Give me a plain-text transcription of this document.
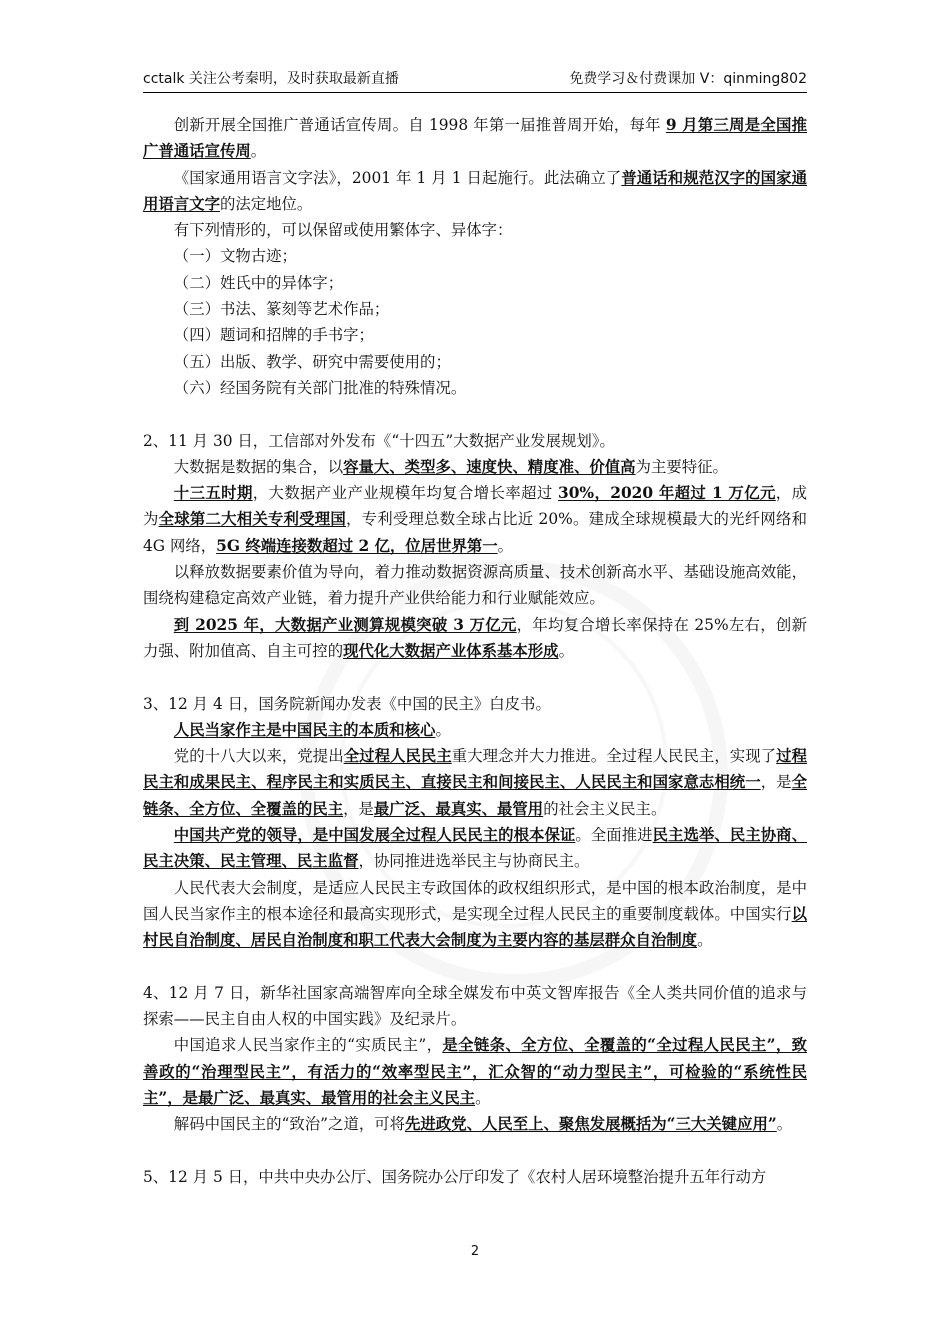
cctalk 关注公考秦明，及时获取最新直播	免费学习＆付费课加 V：qinming802

创新开展全国推广普通话宣传周。自 1998 年第一届推普周开始，每年 9 月第三周是全国推广普通话宣传周。

《国家通用语言文字法》，2001 年 1 月 1 日起施行。此法确立了普通话和规范汉字的国家通用语言文字的法定地位。

有下列情形的，可以保留或使用繁体字、异体字：

（一）文物古迹；

（二）姓氏中的异体字；

（三）书法、篆刻等艺术作品；

（四）题词和招牌的手书字；

（五）出版、教学、研究中需要使用的；

（六）经国务院有关部门批准的特殊情况。

2、11 月 30 日，工信部对外发布《“十四五”大数据产业发展规划》。

大数据是数据的集合，以容量大、类型多、速度快、精度准、价值高为主要特征。

十三五时期，大数据产业产业规模年均复合增长率超过 30%，2020 年超过 1 万亿元，成为全球第二大相关专利受理国，专利受理总数全球占比近 20%。建成全球规模最大的光纤网络和 4G 网络，5G 终端连接数超过 2 亿，位居世界第一。

以释放数据要素价值为导向，着力推动数据资源高质量、技术创新高水平、基础设施高效能，围绕构建稳定高效产业链，着力提升产业供给能力和行业赋能效应。

到 2025 年，大数据产业测算规模突破 3 万亿元，年均复合增长率保持在 25%左右，创新力强、附加值高、自主可控的现代化大数据产业体系基本形成。

3、12 月 4 日，国务院新闻办发表《中国的民主》白皮书。

人民当家作主是中国民主的本质和核心。

党的十八大以来，党提出全过程人民民主重大理念并大力推进。全过程人民民主，实现了过程民主和成果民主、程序民主和实质民主、直接民主和间接民主、人民民主和国家意志相统一，是全链条、全方位、全覆盖的民主，是最广泛、最真实、最管用的社会主义民主。

中国共产党的领导，是中国发展全过程人民民主的根本保证。全面推进民主选举、民主协商、民主决策、民主管理、民主监督，协同推进选举民主与协商民主。

人民代表大会制度，是适应人民民主专政国体的政权组织形式，是中国的根本政治制度，是中国人民当家作主的根本途径和最高实现形式，是实现全过程人民民主的重要制度载体。中国实行以村民自治制度、居民自治制度和职工代表大会制度为主要内容的基层群众自治制度。

4、12 月 7 日，新华社国家高端智库向全球全媒发布中英文智库报告《全人类共同价值的追求与探索——民主自由人权的中国实践》及纪录片。

中国追求人民当家作主的“实质民主”，是全链条、全方位、全覆盖的“全过程人民民主”，致善政的“治理型民主”，有活力的“效率型民主”，汇众智的“动力型民主”，可检验的“系统性民主”，是最广泛、最真实、最管用的社会主义民主。

解码中国民主的“致治”之道，可将先进政党、人民至上、聚焦发展概括为“三大关键应用”。

5、12 月 5 日，中共中央办公厅、国务院办公厅印发了《农村人居环境整治提升五年行动方

2
